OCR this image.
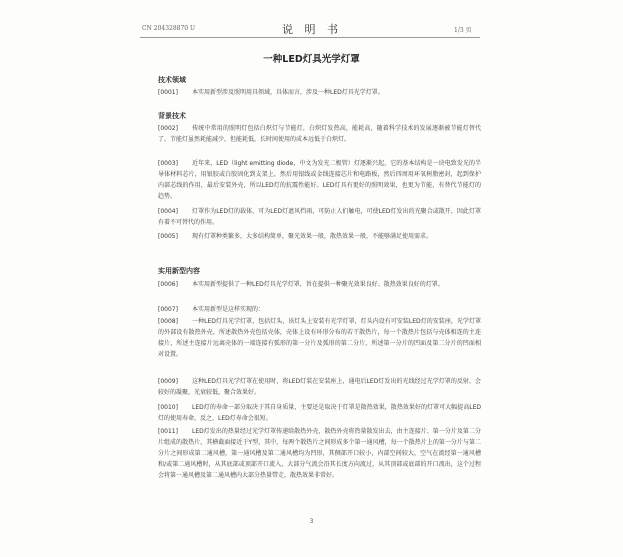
CN 204328870 U	说 明 书	1/3 页
一种LED灯具光学灯罩
技术领域
[0001] 本实用新型涉及照明用具领域，具体而言，涉及一种LED灯具光学灯罩。
背景技术
[0002] 传统中常用的照明灯包括白炽灯与节能灯，白炽灯发热高，能耗高，随着科学技术的发展逐渐被节能灯替代了。节能灯虽然耗能减少，但能耗低，长时间使用的成本远低于白炽灯。
[0003] 近年来，LED（light emitting diode，中文为发光二极管）灯逐渐兴起，它的基本结构是一块电致发光的半导体材料芯片，用银胶或白胶固化到支架上，然后用银线或金线连接芯片和电路板，然后四周用环氧树脂密封，起到保护内部芯线的作用，最后安装外壳，所以LED灯的抗震性能好。LED灯具有更好的照明效果，也更为节能，有替代节能灯的趋势。
[0004] 灯罩作为LED灯的载体，可为LED灯遮风挡雨，可防止人们触电，可使LED灯发出的光聚合或散开，因此灯罩有着不可替代的作用。
[0005] 现有灯罩种类繁多，大多结构简单，聚光效果一般，散热效果一般，不能够满足使用需求。
实用新型内容
[0006] 本实用新型提供了一种LED灯具光学灯罩，旨在提供一种聚光效果良好、散热效果良好的灯罩。
[0007] 本实用新型是这样实现的：
[0008] 一种LED灯具光学灯罩，包括灯头，该灯头上安装有光学灯罩，灯头内设有可安装LED灯的安装座，光学灯罩的外部设有散热外壳，所述散热外壳包括壳体，壳体上设有环形分布的若干散热片，每一个散热片包括与壳体相连的主连接片，所述主连接片远离壳体的一端连接有弧形的第一分片及弧形的第二分片，所述第一分片的凹面及第二分片的凹面相对设置。
[0009] 这种LED灯具光学灯罩在使用时，将LED灯装在安装座上，通电后LED灯发出的光线经过光学灯罩的反射，会较好的凝聚，光衰较低，聚合效果好。
[0010] LED灯的寿命一部分取决于其自身质量，主要还是取决于灯罩是散热效果，散热效果好的灯罩可大幅提高LED灯的使用寿命，反之，LED灯寿命会很短。
[0011] LED灯发出的热量经过光学灯罩传递给散热外壳，散热外壳将热量散发出去，由主连接片、第一分片及第二分片组成的散热片，其横截面接近于Y型，其中，每两个散热片之间形成多个第一通风槽，每一个散热片上的第一分片与第二分片之间形成第二通风槽，第一通风槽及第二通风槽均为凹形，其侧部开口较小，内部空间较大，空气在流经第一通风槽和/或第二通风槽时，从其底部或顶部开口流入，大部分气流会沿其长度方向流过，从其顶部或底部的开口流出，这个过程会将第一通风槽及第二通风槽内大部分热量带走，散热效果非常好。
3
